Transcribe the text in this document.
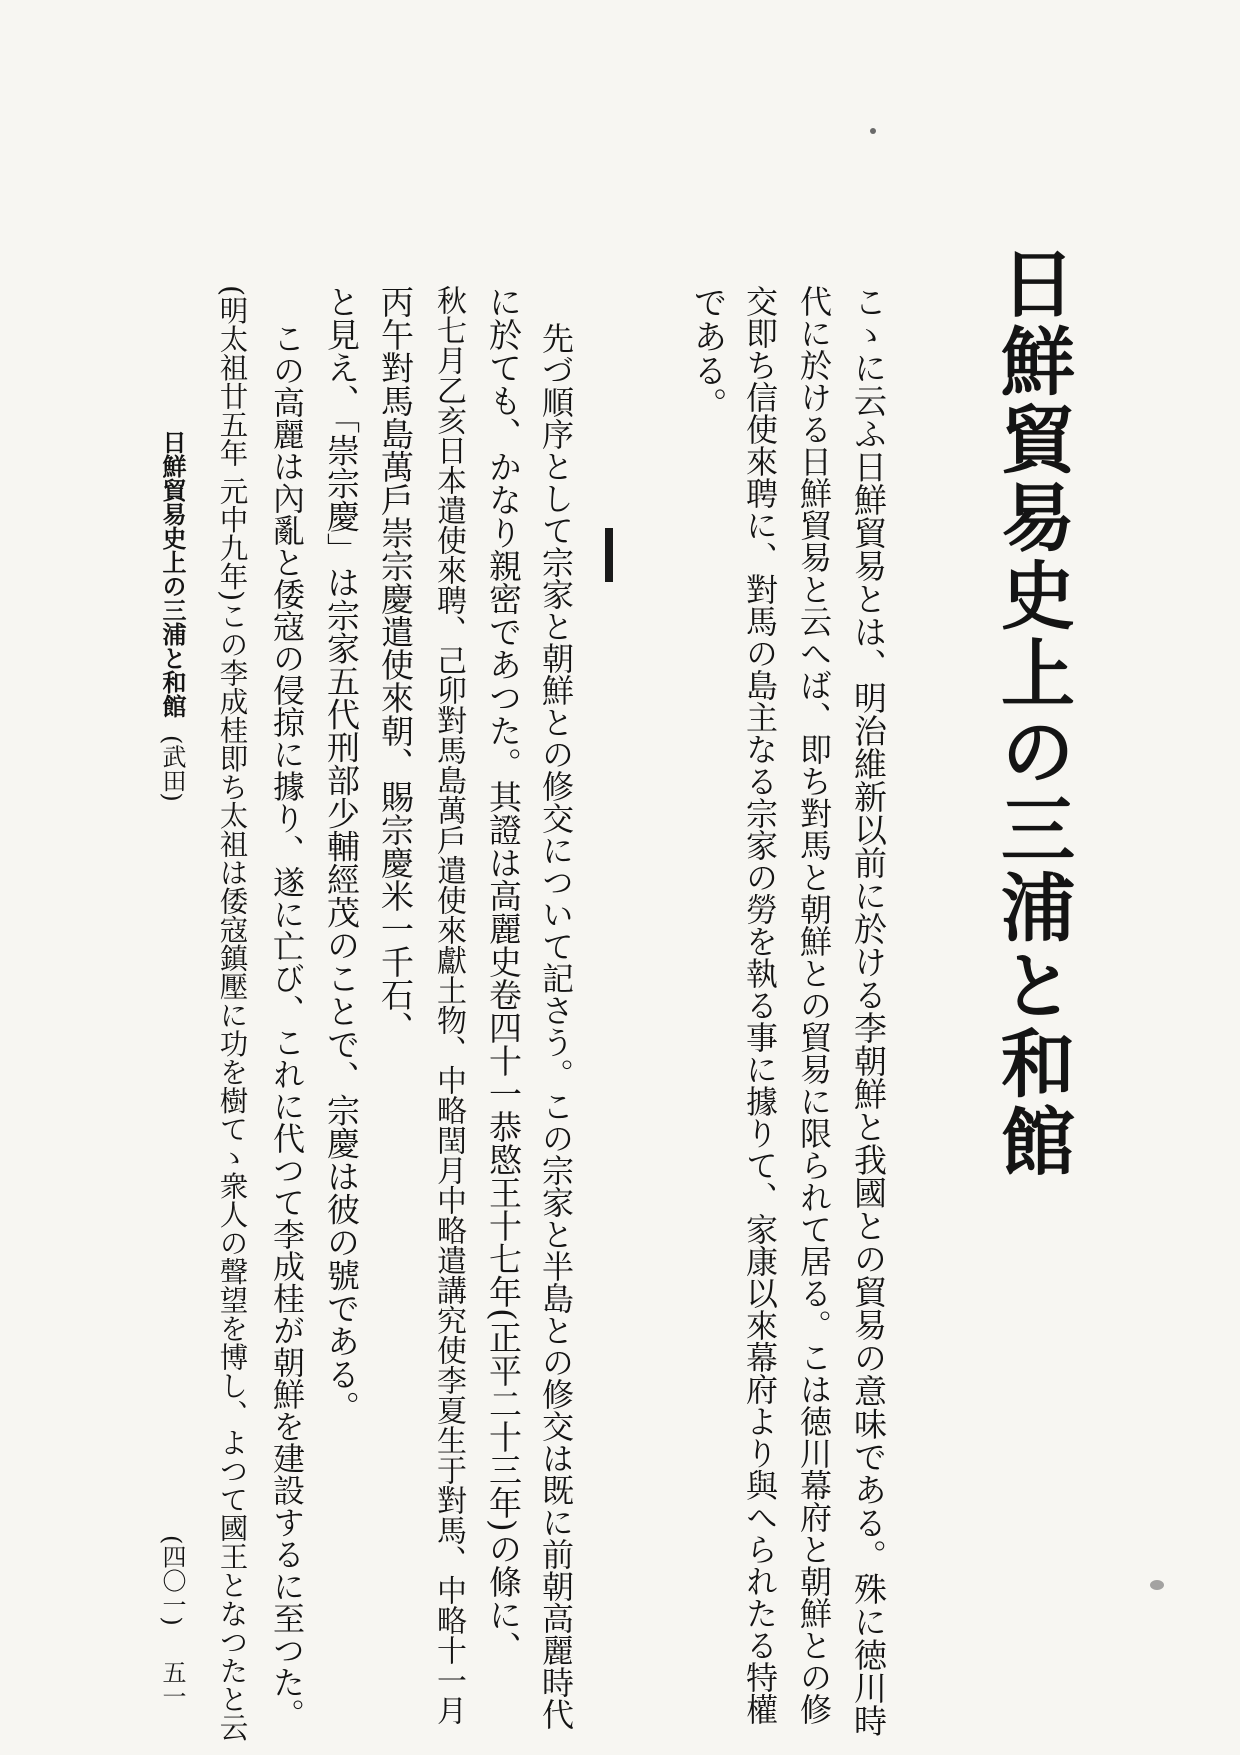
日鮮貿易史上の三浦と和館
こゝに云ふ日鮮貿易とは、明治維新以前に於ける李朝鮮と我國との貿易の意味である。殊に徳川時
代に於ける日鮮貿易と云へば、即ち對馬と朝鮮との貿易に限られて居る。こは徳川幕府と朝鮮との修
交即ち信使來聘に、對馬の島主なる宗家の勞を執る事に據りて、家康以來幕府より與へられたる特權
である。
先づ順序として宗家と朝鮮との修交について記さう。この宗家と半島との修交は既に前朝高麗時代
に於ても、かなり親密であつた。其證は高麗史卷四十一恭愍王十七年(正平二十三年)の條に、
秋七月乙亥日本遣使來聘、己卯對馬島萬戶遣使來獻土物、中略閏月中略遣講究使李夏生于對馬、中略十一月
丙午對馬島萬戶崇宗慶遣使來朝、賜宗慶米一千石、
と見え、「崇宗慶」は宗家五代刑部少輔經茂のことで、宗慶は彼の號である。
この高麗は內亂と倭寇の侵掠に據り、遂に亡び、これに代つて李成桂が朝鮮を建設するに至つた。
(明太祖廿五年 元中九年)この李成桂即ち太祖は倭寇鎮壓に功を樹てゝ衆人の聲望を博し、よつて國王となつたと云
日鮮貿易史上の三浦と和館
(武田)
(四〇一)
五一
